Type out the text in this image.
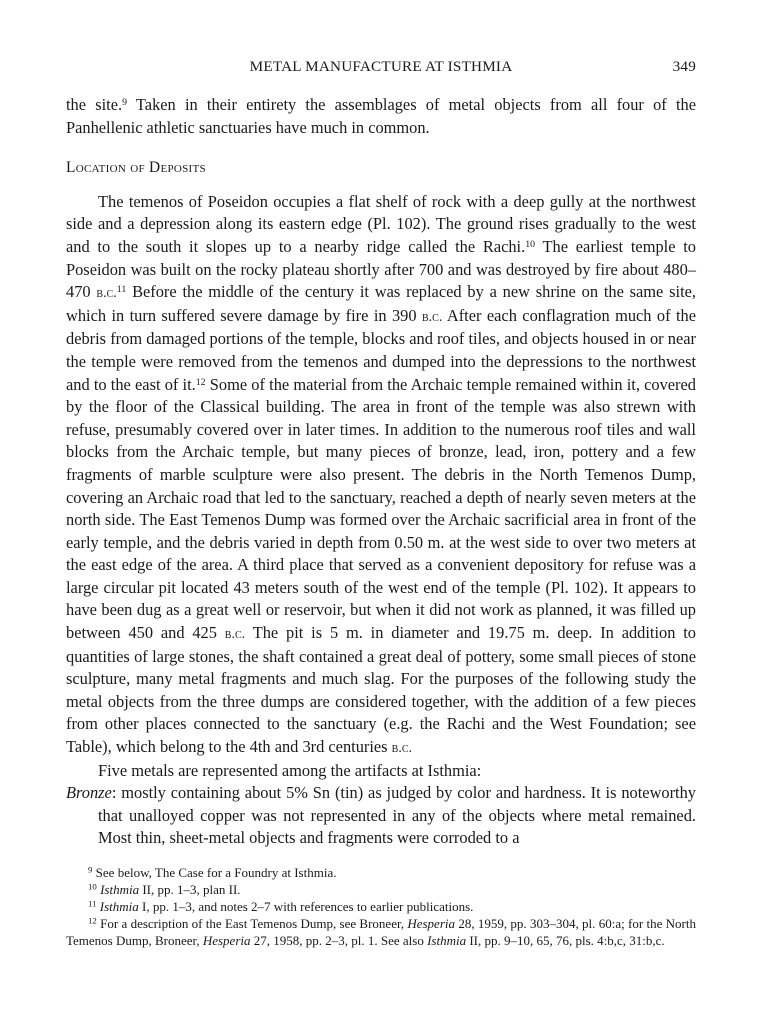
METAL MANUFACTURE AT ISTHMIA	349

the site.$^9$ Taken in their entirety the assemblages of metal objects from all four of the Panhellenic athletic sanctuaries have much in common.

Location of Deposits

The temenos of Poseidon occupies a flat shelf of rock with a deep gully at the northwest side and a depression along its eastern edge (Pl. 102). The ground rises gradually to the west and to the south it slopes up to a nearby ridge called the Rachi.$^{10}$ The earliest temple to Poseidon was built on the rocky plateau shortly after 700 and was destroyed by fire about 480–470 b.c.$^{11}$ Before the middle of the century it was replaced by a new shrine on the same site, which in turn suffered severe damage by fire in 390 b.c. After each conflagration much of the debris from damaged portions of the temple, blocks and roof tiles, and objects housed in or near the temple were removed from the temenos and dumped into the depressions to the northwest and to the east of it.$^{12}$ Some of the material from the Archaic temple remained within it, covered by the floor of the Classical building. The area in front of the temple was also strewn with refuse, presumably covered over in later times. In addition to the numerous roof tiles and wall blocks from the Archaic temple, but many pieces of bronze, lead, iron, pottery and a few fragments of marble sculpture were also present. The debris in the North Temenos Dump, covering an Archaic road that led to the sanctuary, reached a depth of nearly seven meters at the north side. The East Temenos Dump was formed over the Archaic sacrificial area in front of the early temple, and the debris varied in depth from 0.50 m. at the west side to over two meters at the east edge of the area. A third place that served as a convenient depository for refuse was a large circular pit located 43 meters south of the west end of the temple (Pl. 102). It appears to have been dug as a great well or reservoir, but when it did not work as planned, it was filled up between 450 and 425 b.c. The pit is 5 m. in diameter and 19.75 m. deep. In addition to quantities of large stones, the shaft contained a great deal of pottery, some small pieces of stone sculpture, many metal fragments and much slag. For the purposes of the following study the metal objects from the three dumps are considered together, with the addition of a few pieces from other places connected to the sanctuary (e.g. the Rachi and the West Foundation; see Table), which belong to the 4th and 3rd centuries b.c.

Five metals are represented among the artifacts at Isthmia:

Bronze: mostly containing about 5% Sn (tin) as judged by color and hardness. It is noteworthy that unalloyed copper was not represented in any of the objects where metal remained. Most thin, sheet-metal objects and fragments were corroded to a

$^9$ See below, The Case for a Foundry at Isthmia.

$^{10}$ Isthmia II, pp. 1–3, plan II.

$^{11}$ Isthmia I, pp. 1–3, and notes 2–7 with references to earlier publications.

$^{12}$ For a description of the East Temenos Dump, see Broneer, Hesperia 28, 1959, pp. 303–304, pl. 60:a; for the North Temenos Dump, Broneer, Hesperia 27, 1958, pp. 2–3, pl. 1. See also Isthmia II, pp. 9–10, 65, 76, pls. 4:b,c, 31:b,c.
